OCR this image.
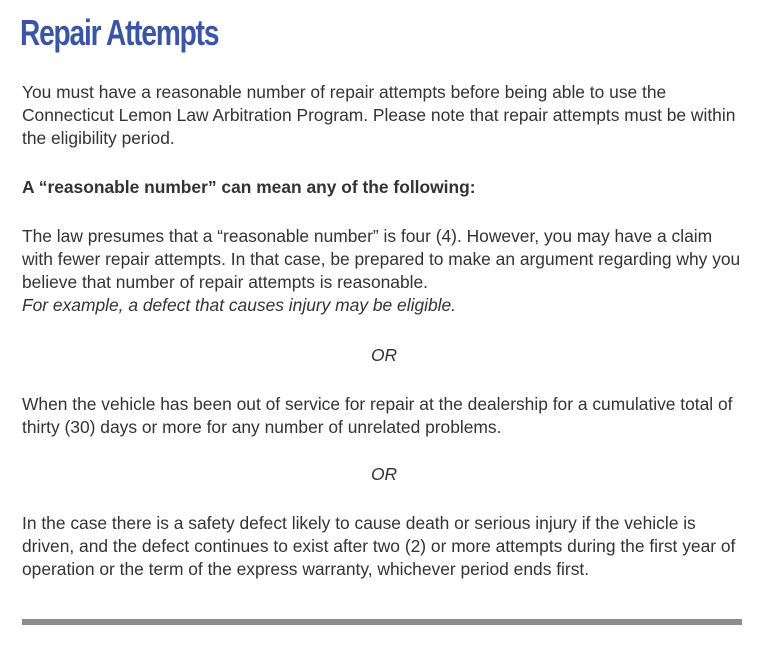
Repair Attempts

You must have a reasonable number of repair attempts before being able to use the Connecticut Lemon Law Arbitration Program. Please note that repair attempts must be within the eligibility period.

A “reasonable number” can mean any of the following:

The law presumes that a “reasonable number” is four (4). However, you may have a claim with fewer repair attempts. In that case, be prepared to make an argument regarding why you believe that number of repair attempts is reasonable.
For example, a defect that causes injury may be eligible.

OR

When the vehicle has been out of service for repair at the dealership for a cumulative total of thirty (30) days or more for any number of unrelated problems.

OR

In the case there is a safety defect likely to cause death or serious injury if the vehicle is driven, and the defect continues to exist after two (2) or more attempts during the first year of operation or the term of the express warranty, whichever period ends first.
